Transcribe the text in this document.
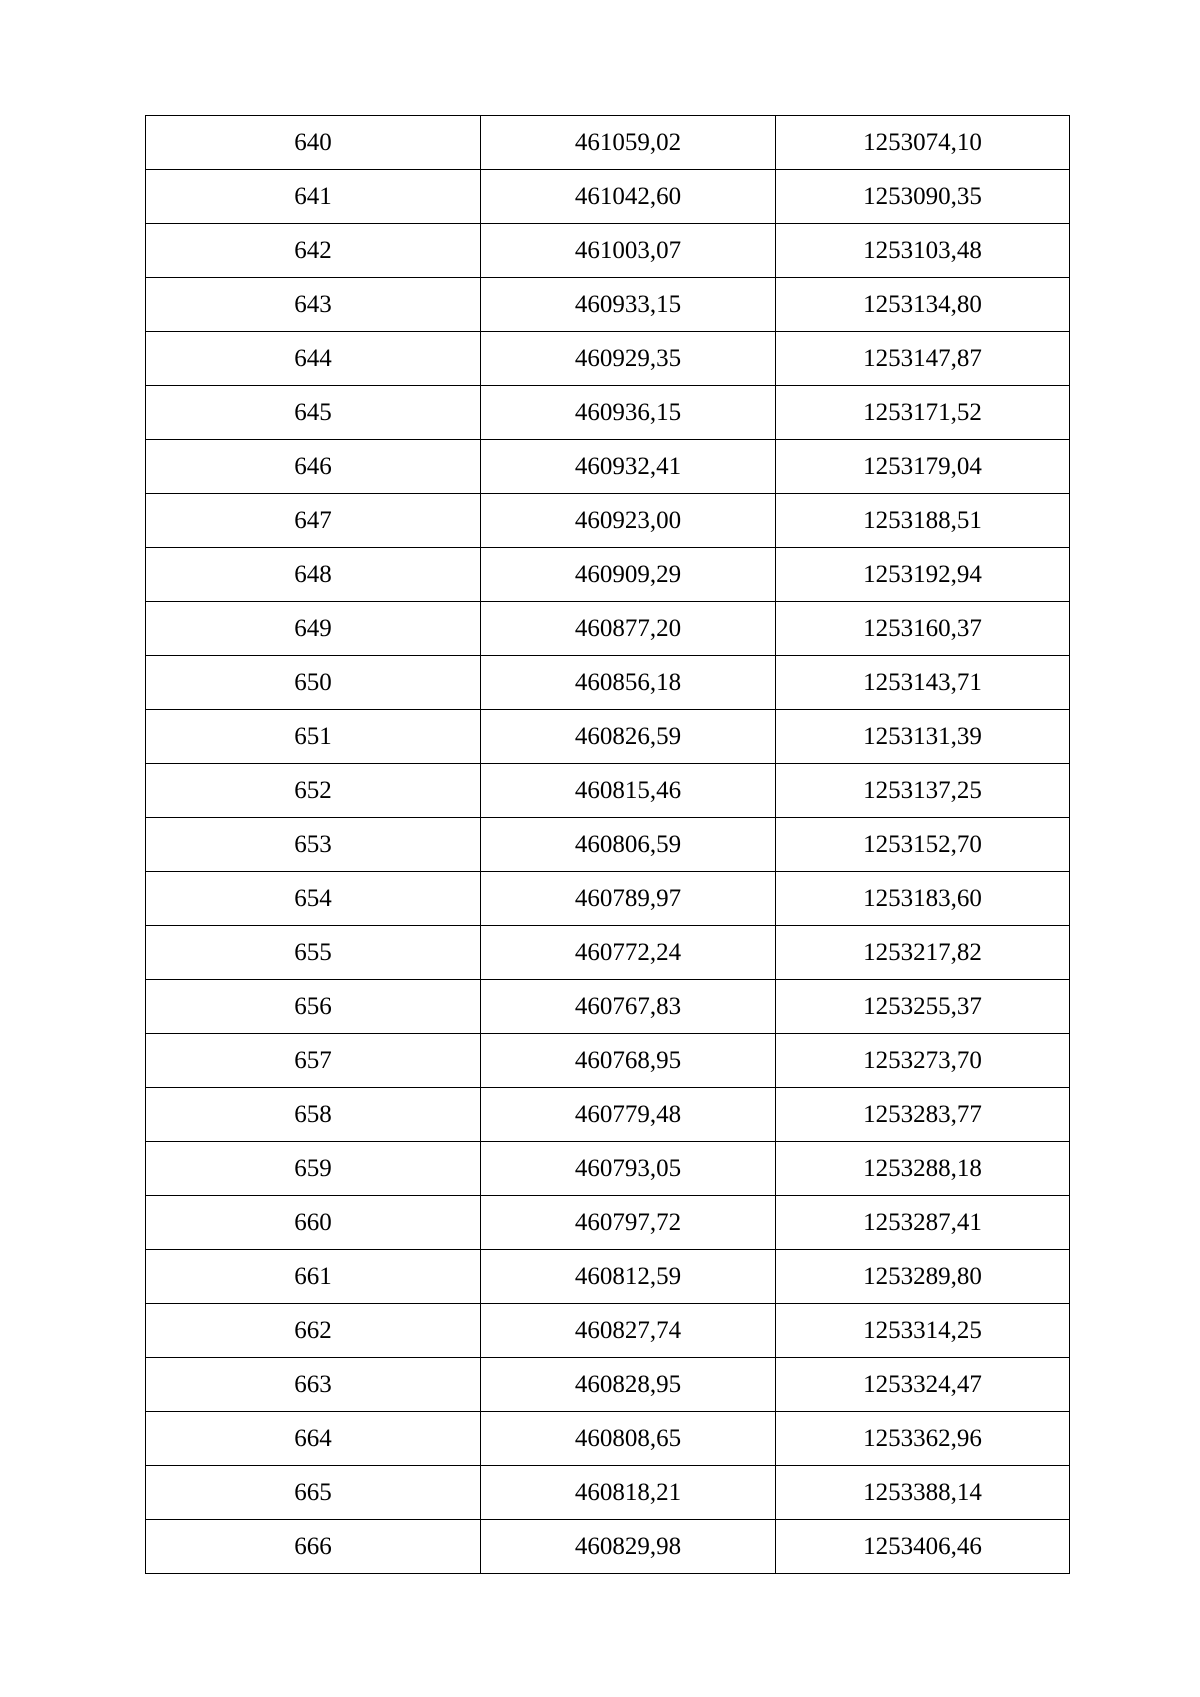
640	461059,02	1253074,10
641	461042,60	1253090,35
642	461003,07	1253103,48
643	460933,15	1253134,80
644	460929,35	1253147,87
645	460936,15	1253171,52
646	460932,41	1253179,04
647	460923,00	1253188,51
648	460909,29	1253192,94
649	460877,20	1253160,37
650	460856,18	1253143,71
651	460826,59	1253131,39
652	460815,46	1253137,25
653	460806,59	1253152,70
654	460789,97	1253183,60
655	460772,24	1253217,82
656	460767,83	1253255,37
657	460768,95	1253273,70
658	460779,48	1253283,77
659	460793,05	1253288,18
660	460797,72	1253287,41
661	460812,59	1253289,80
662	460827,74	1253314,25
663	460828,95	1253324,47
664	460808,65	1253362,96
665	460818,21	1253388,14
666	460829,98	1253406,46
